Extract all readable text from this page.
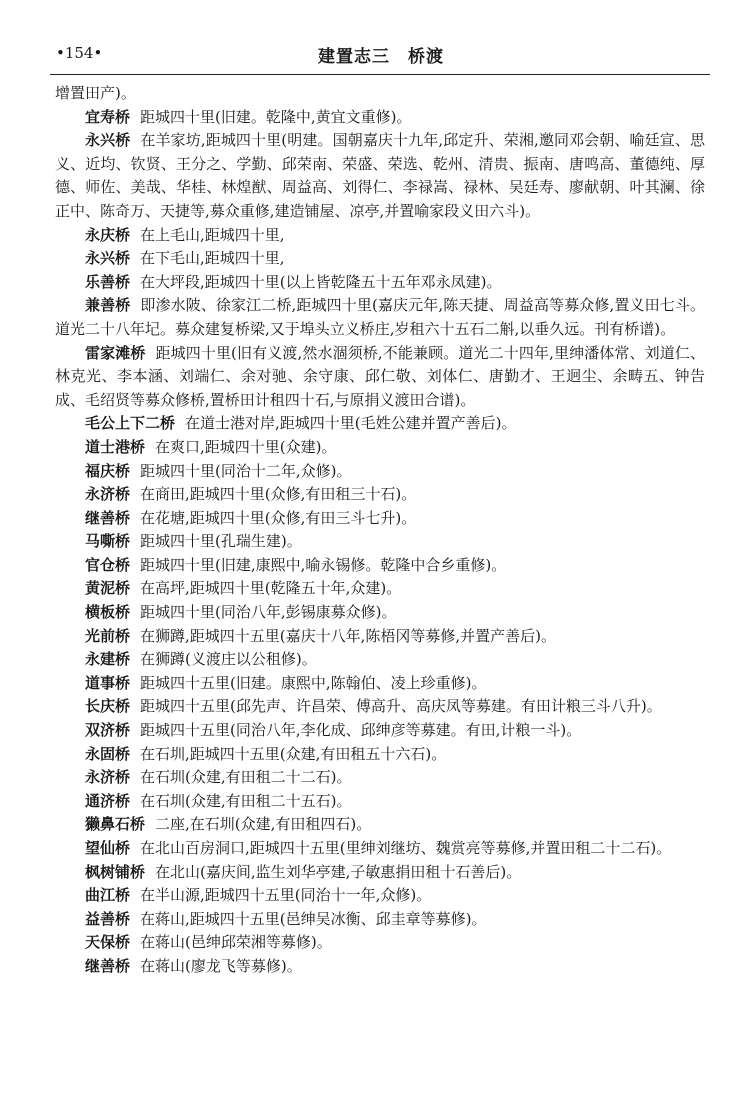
•154•	建置志三　桥渡
增置田产)。
宜寿桥 距城四十里(旧建。乾隆中,黄宜文重修)。
永兴桥 在羊家坊,距城四十里(明建。国朝嘉庆十九年,邱定升、荣湘,邀同邓会朝、喻廷宣、思义、近均、钦贤、王分之、学勤、邱荣南、荣盛、荣选、乾州、清贵、振南、唐鸣高、董德纯、厚德、师佐、美哉、华桂、林煌猷、周益高、刘得仁、李禄嵩、禄林、吴廷寿、廖献朝、叶其澜、徐正中、陈奇万、天捷等,募众重修,建造铺屋、凉亭,并置喻家段义田六斗)。
永庆桥 在上毛山,距城四十里,
永兴桥 在下毛山,距城四十里,
乐善桥 在大坪段,距城四十里(以上皆乾隆五十五年邓永凤建)。
兼善桥 即渗水陂、徐家江二桥,距城四十里(嘉庆元年,陈天捷、周益高等募众修,置义田七斗。道光二十八年圮。募众建复桥梁,又于埠头立义桥庄,岁租六十五石二斛,以垂久远。刊有桥谱)。
雷家滩桥 距城四十里(旧有义渡,然水涸须桥,不能兼顾。道光二十四年,里绅潘体常、刘道仁、林克光、李本涵、刘端仁、余对驰、余守康、邱仁敬、刘体仁、唐勤才、王迥尘、余畴五、钟告成、毛绍贤等募众修桥,置桥田计租四十石,与原捐义渡田合谱)。
毛公上下二桥 在道士港对岸,距城四十里(毛姓公建并置产善后)。
道士港桥 在爽口,距城四十里(众建)。
福庆桥 距城四十里(同治十二年,众修)。
永济桥 在商田,距城四十里(众修,有田租三十石)。
继善桥 在花塘,距城四十里(众修,有田三斗七升)。
马嘶桥 距城四十里(孔瑞生建)。
官仓桥 距城四十里(旧建,康熙中,喻永锡修。乾隆中合乡重修)。
黄泥桥 在高坪,距城四十里(乾隆五十年,众建)。
横板桥 距城四十里(同治八年,彭锡康募众修)。
光前桥 在狮蹲,距城四十五里(嘉庆十八年,陈梧冈等募修,并置产善后)。
永建桥 在狮蹲(义渡庄以公租修)。
道事桥 距城四十五里(旧建。康熙中,陈翰伯、凌上珍重修)。
长庆桥 距城四十五里(邱先声、许昌荣、傅高升、高庆凤等募建。有田计粮三斗八升)。
双济桥 距城四十五里(同治八年,李化成、邱绅彦等募建。有田,计粮一斗)。
永固桥 在石圳,距城四十五里(众建,有田租五十六石)。
永济桥 在石圳(众建,有田租二十二石)。
通济桥 在石圳(众建,有田租二十五石)。
獭鼻石桥 二座,在石圳(众建,有田租四石)。
望仙桥 在北山百房洞口,距城四十五里(里绅刘继坊、魏赏亮等募修,并置田租二十二石)。
枫树铺桥 在北山(嘉庆间,监生刘华亭建,子敏惠捐田租十石善后)。
曲江桥 在半山源,距城四十五里(同治十一年,众修)。
益善桥 在蒋山,距城四十五里(邑绅吴冰衡、邱圭章等募修)。
天保桥 在蒋山(邑绅邱荣湘等募修)。
继善桥 在蒋山(廖龙飞等募修)。
